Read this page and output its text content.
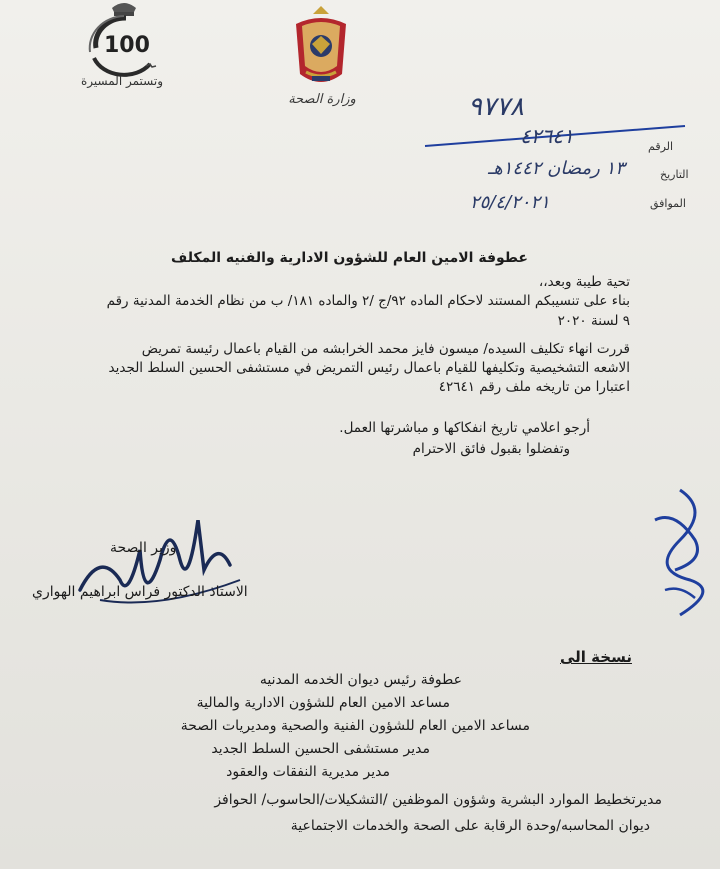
100
وتستمر المسيرة
وزارة الصحة	٩٧٧٨
٤٢٦٤١	الرقم
١٣ رمضان ١٤٤٢هـ	التاريخ
٢٥/٤/٢٠٢١	الموافق
عطوفة الامين العام للشؤون الادارية والفنيه المكلف
تحية طيبة وبعد،،
بناء على تنسيبكم المستند لاحكام الماده ٩٢/ج /٢ والماده ١٨١/ ب من نظام الخدمة المدنية رقم
٩ لسنة ٢٠٢٠
قررت انهاء تكليف السيده/ ميسون فايز محمد الخرابشه من القيام باعمال رئيسة تمريض
الاشعه التشخيصية وتكليفها للقيام باعمال رئيس التمريض في مستشفى الحسين السلط الجديد
اعتبارا من تاريخه ملف رقم ٤٢٦٤١
أرجو اعلامي تاريخ انفكاكها و مباشرتها العمل.
وتفضلوا بقبول فائق الاحترام
وزير الصحة
الاستاذ الدكتور فراس ابراهيم الهواري
نسخة الى
عطوفة رئيس ديوان الخدمه المدنيه
مساعد الامين العام للشؤون الادارية والمالية
مساعد الامين العام للشؤون الفنية والصحية ومديريات الصحة
مدير مستشفى الحسين السلط الجديد
مدير مديرية النفقات والعقود
مديرتخطيط الموارد البشرية وشؤون الموظفين /التشكيلات/الحاسوب/ الحوافز
ديوان المحاسبه/وحدة الرقابة على الصحة والخدمات الاجتماعية
